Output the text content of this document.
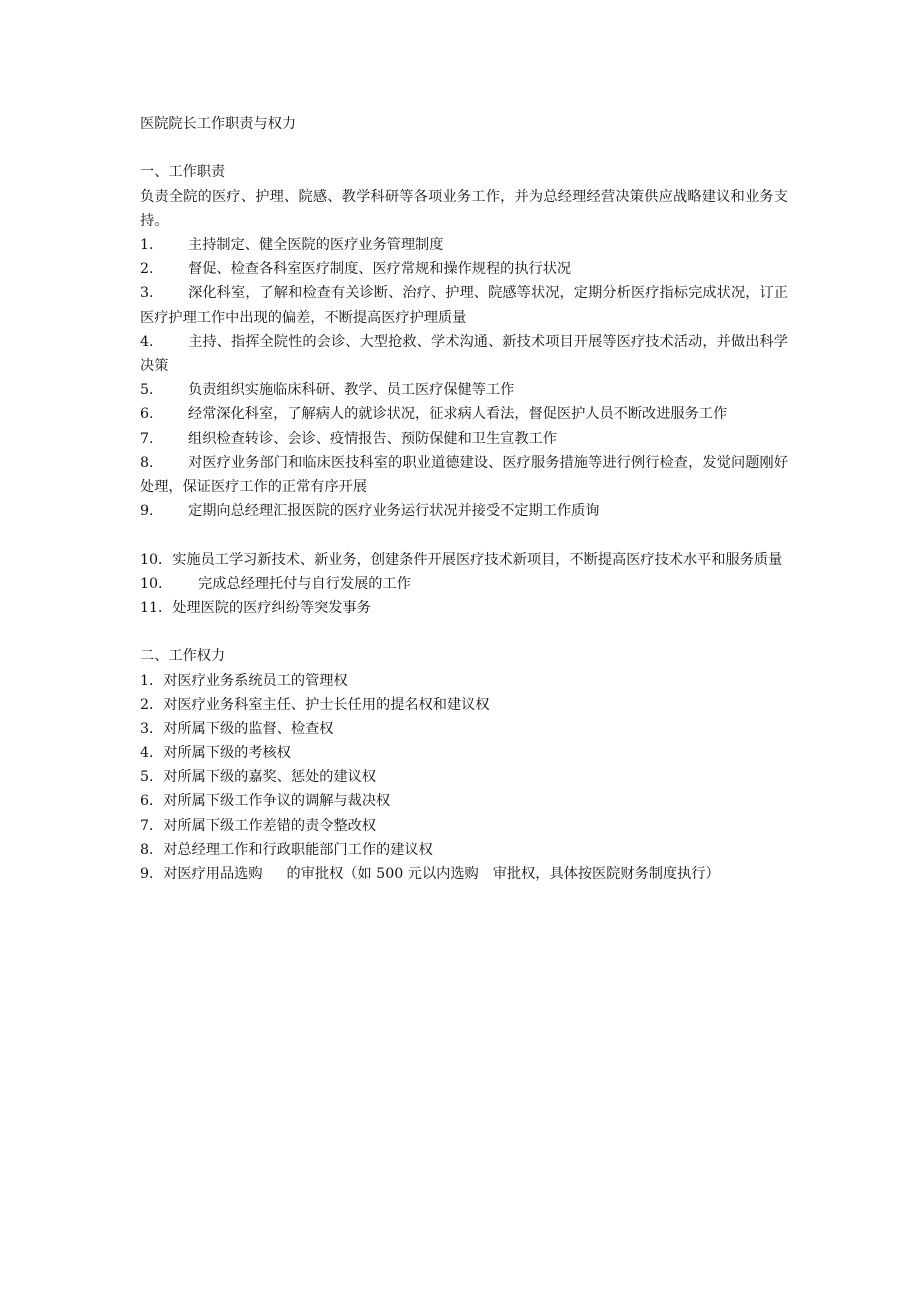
医院院长工作职责与权力
一、工作职责
负责全院的医疗、护理、院感、教学科研等各项业务工作，并为总经理经营决策供应战略建议和业务支持。
1. 主持制定、健全医院的医疗业务管理制度
2. 督促、检查各科室医疗制度、医疗常规和操作规程的执行状况
3. 深化科室，了解和检查有关诊断、治疗、护理、院感等状况，定期分析医疗指标完成状况，订正医疗护理工作中出现的偏差，不断提高医疗护理质量
4. 主持、指挥全院性的会诊、大型抢救、学术沟通、新技术项目开展等医疗技术活动，并做出科学决策
5. 负责组织实施临床科研、教学、员工医疗保健等工作
6. 经常深化科室，了解病人的就诊状况，征求病人看法，督促医护人员不断改进服务工作
7. 组织检查转诊、会诊、疫情报告、预防保健和卫生宣教工作
8. 对医疗业务部门和临床医技科室的职业道德建设、医疗服务措施等进行例行检查，发觉问题刚好处理，保证医疗工作的正常有序开展
9. 定期向总经理汇报医院的医疗业务运行状况并接受不定期工作质询
10．实施员工学习新技术、新业务，创建条件开展医疗技术新项目，不断提高医疗技术水平和服务质量
10. 完成总经理托付与自行发展的工作
11．处理医院的医疗纠纷等突发事务
二、工作权力
1．对医疗业务系统员工的管理权
2．对医疗业务科室主任、护士长任用的提名权和建议权
3．对所属下级的监督、检查权
4．对所属下级的考核权
5．对所属下级的嘉奖、惩处的建议权
6．对所属下级工作争议的调解与裁决权
7．对所属下级工作差错的责令整改权
8．对总经理工作和行政职能部门工作的建议权
9．对医疗用品选购 的审批权（如 500 元以内选购 审批权，具体按医院财务制度执行）
